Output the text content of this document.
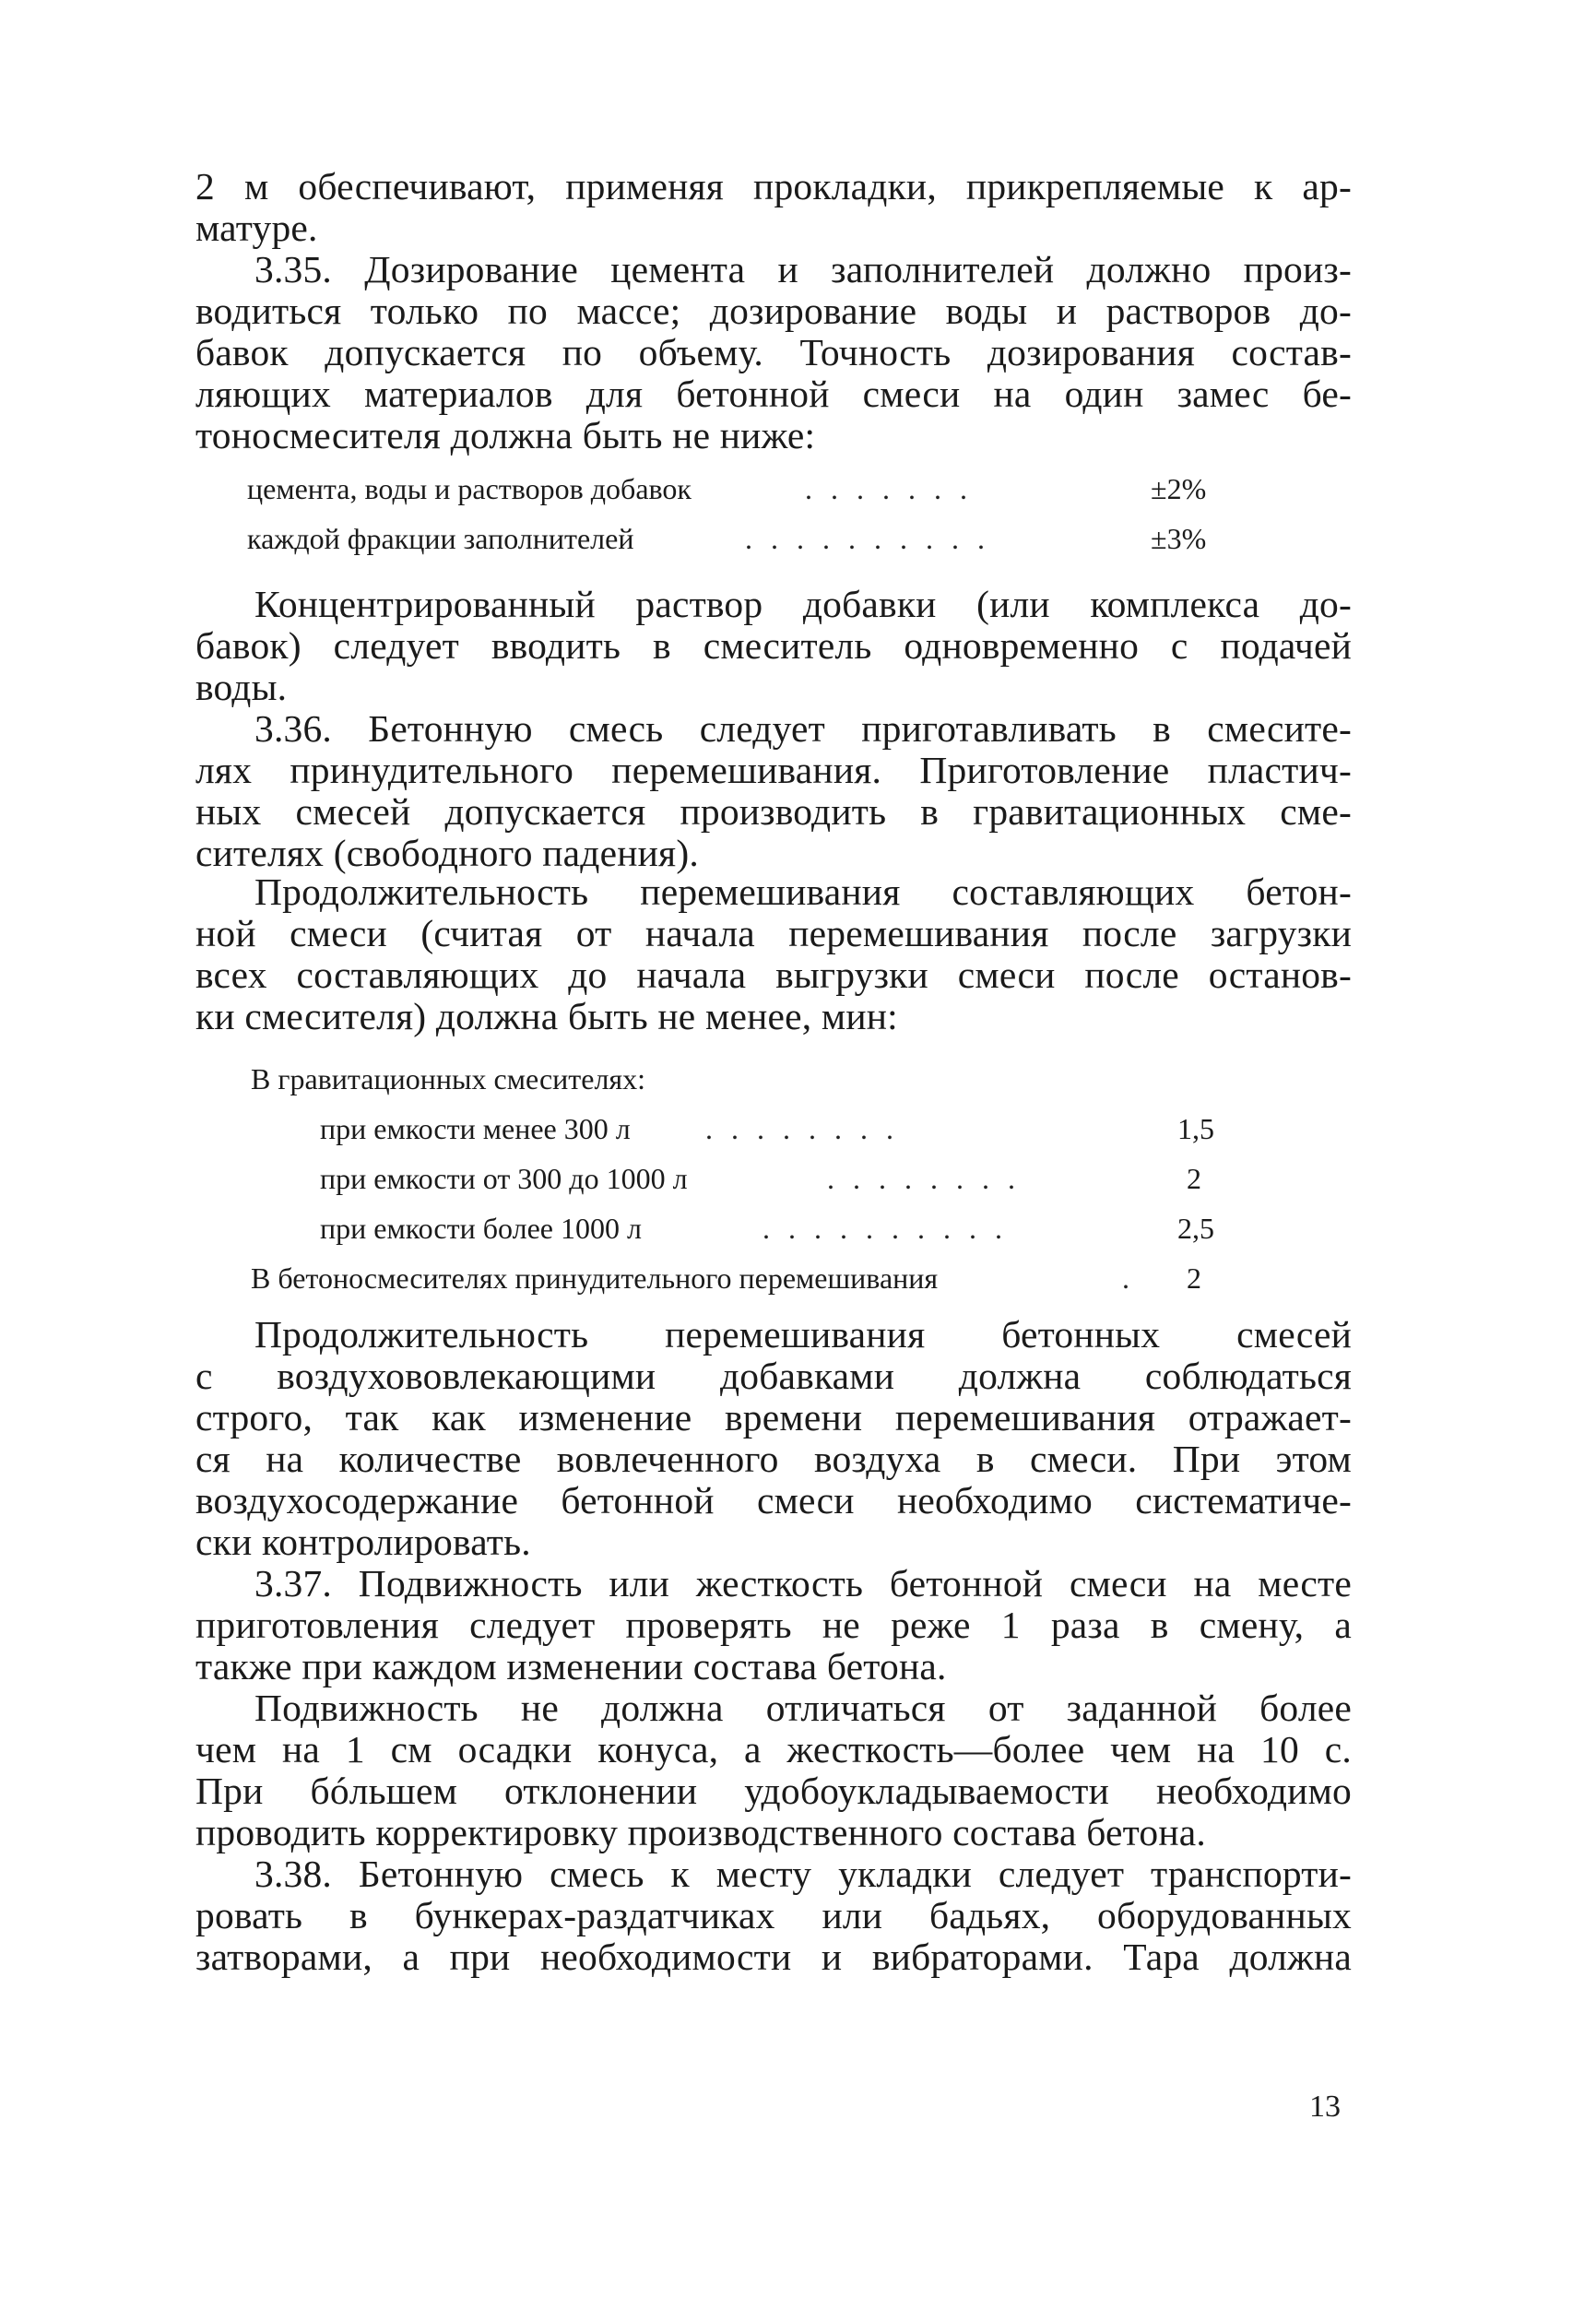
2 м обеспечивают, применяя прокладки, прикрепляемые к ар-
матуре.
3.35. Дозирование цемента и заполнителей должно произ-
водиться только по массе; дозирование воды и растворов до-
бавок допускается по объему. Точность дозирования состав-
ляющих материалов для бетонной смеси на один замес бе-
тоносмесителя должна быть не ниже:
цемента, воды и растворов добавок	. . . . . . .	±2%
каждой фракции заполнителей	. . . . . . . . . .	±3%
Концентрированный раствор добавки (или комплекса до-
бавок) следует вводить в смеситель одновременно с подачей
воды.
3.36. Бетонную смесь следует приготавливать в смесите-
лях принудительного перемешивания. Приготовление пластич-
ных смесей допускается производить в гравитационных сме-
сителях (свободного падения).
Продолжительность перемешивания составляющих бетон-
ной смеси (считая от начала перемешивания после загрузки
всех составляющих до начала выгрузки смеси после останов-
ки смесителя) должна быть не менее, мин:
В гравитационных смесителях:
при емкости менее 300 л	. . . . . . . .	1,5
при емкости от 300 до 1000 л	. . . . . . . .	2
при емкости более 1000 л	. . . . . . . . . .	2,5
В бетоносмесителях принудительного перемешивания	. 2
Продолжительность перемешивания бетонных смесей
с воздухововлекающими добавками должна соблюдаться
строго, так как изменение времени перемешивания отражает-
ся на количестве вовлеченного воздуха в смеси. При этом
воздухосодержание бетонной смеси необходимо систематиче-
ски контролировать.
3.37. Подвижность или жесткость бетонной смеси на месте
приготовления следует проверять не реже 1 раза в смену, а
также при каждом изменении состава бетона.
Подвижность не должна отличаться от заданной более
чем на 1 см осадки конуса, а жесткость—более чем на 10 с.
При бóльшем отклонении удобоукладываемости необходимо
проводить корректировку производственного состава бетона.
3.38. Бетонную смесь к месту укладки следует транспорти-
ровать в бункерах-раздатчиках или бадьях, оборудованных
затворами, а при необходимости и вибраторами. Тара должна
13
